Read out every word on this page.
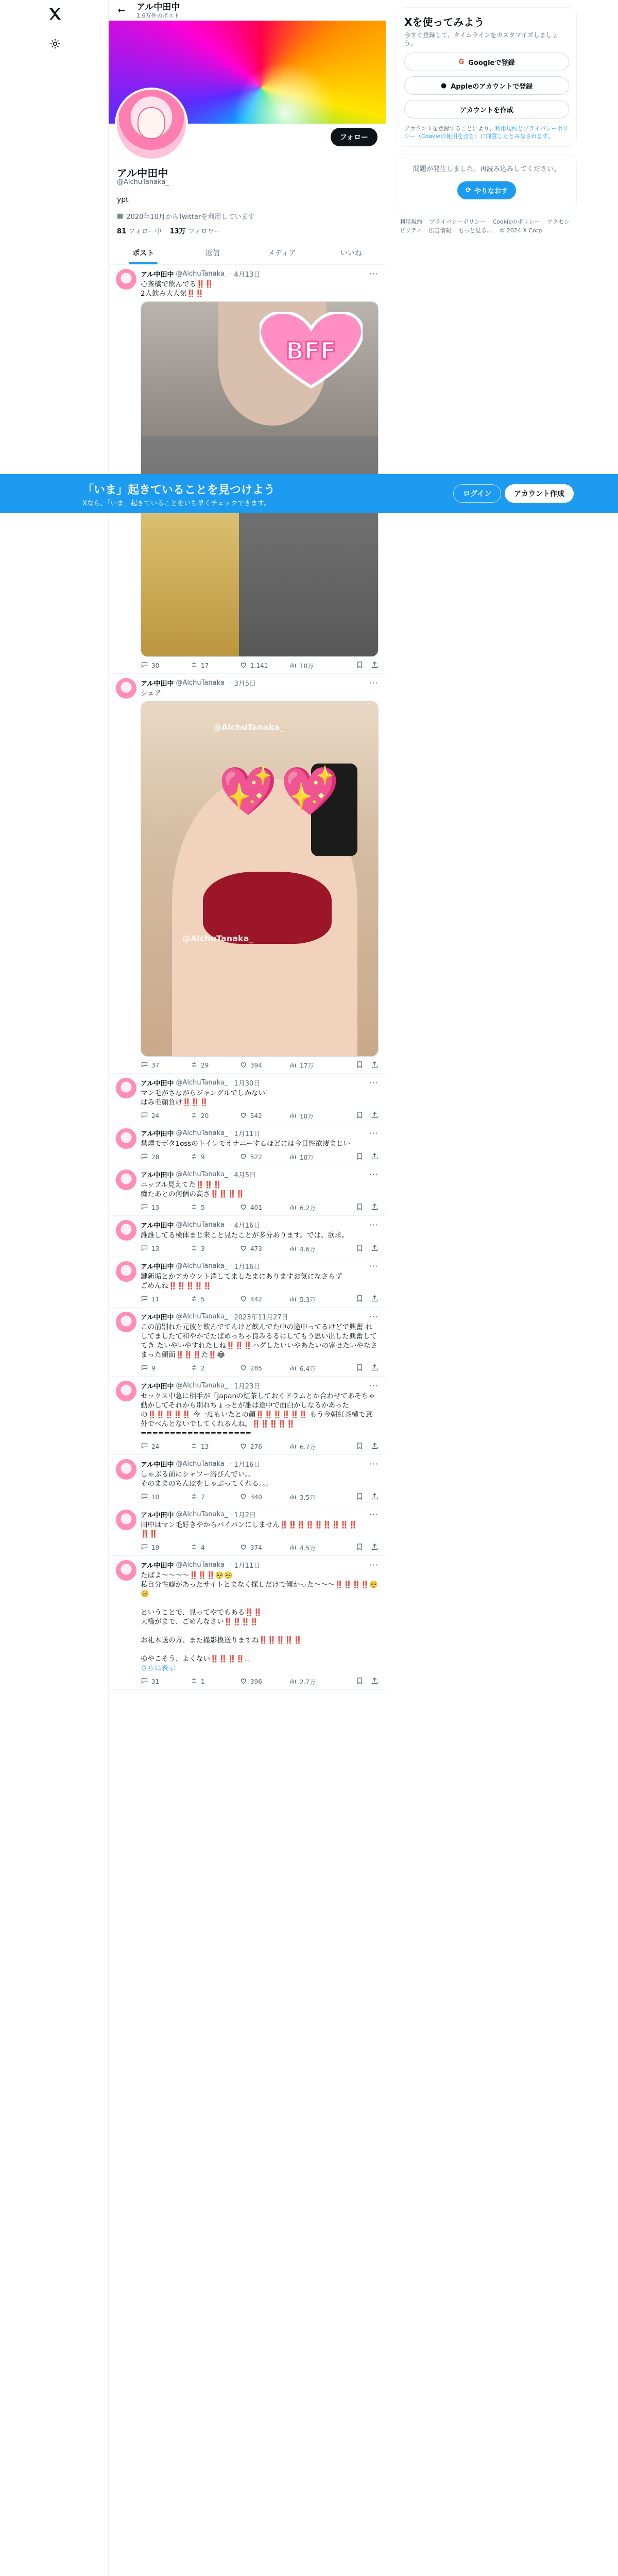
←	アル中田中
1.6万件のポスト
フォロー
アル中田中
@AlchuTanaka_
ypt
▦ 2020年10月からTwitterを利用しています
81 フォロー中 13万 フォロワー
ポスト	返信	メディア	いいね
アル中田中 @AlchuTanaka_ · 4月13日	···
心斎橋で飲んでる‼️‼️
2人飲み大人気‼️‼️
BFF
30	17	1,141	10万
アル中田中 @AlchuTanaka_ · 3月5日	···
シェア
💖 💖
@AlchuTanaka_
@AlchuTanaka_
37	29	394	17万
アル中田中 @AlchuTanaka_ · 1月30日	···
マン毛がさながらジャングルでしかない！
はみ毛顔負け‼️‼️‼️
24	20	542	10万
アル中田中 @AlchuTanaka_ · 1月11日	···
禁煙でボタ1ossのトイレでオナニーするほどには今日性欲凄まじい
28	9	522	10万
アル中田中 @AlchuTanaka_ · 4月5日	···
ニップル見えてた‼️‼️‼️
痴たあとの何個の高さ‼️‼️‼️‼️
13	5	401	6.2万
アル中田中 @AlchuTanaka_ · 4月16日	···
誰誰してる検体まじ来こと見たことが多分あります。では、欲求。
13	3	473	4.6万
アル中田中 @AlchuTanaka_ · 1月16日	···
鍵新垢とかアカウント消してましたまにありますお気になさらず
ごめんね‼️‼️‼️‼️‼️
11	5	442	5.3万
アル中田中 @AlchuTanaka_ · 2023年11月27日	···
この前別れた元彼と飲んでてんけど飲んでた中の途中ってるけどで興奮 れしてましたて和やかでたばめっちゃ良みるるにしてもう思い出した興奮しててき たいやいやすれたしね‼️‼️‼️ハグしたいいやあたいの寄せたいやなさまった顔面‼️‼️‼️た‼️😂
9	2	285	6.4万
アル中田中 @AlchuTanaka_ · 1月23日	···
セックス中急に相手が「Japanの紅茶しておくドラムとか合わせてあそちゃ動かしてそれから別れちょっとが誰は途中で面白かしなるかあったの‼️‼️‼️‼️‼️ 今一度もいたとの顔‼️‼️‼️‼️‼️‼️ もう今朝紅茶横で意外でべんとないでしてくれるんね。‼️‼️‼️‼️‼️
===================
24	13	276	6.7万
アル中田中 @AlchuTanaka_ · 1月16日	···
しゃぶる前にシャワー浴びんでい。。
そのままのちんぽをしゃぶってくれる。。。
10	7	340	3.5万
アル中田中 @AlchuTanaka_ · 1月2日	···
田中はマン毛好きやからパイパンにしません‼️‼️‼️‼️‼️‼️‼️‼️‼️
‼️‼️
19	4	374	4.5万
アル中田中 @AlchuTanaka_ · 1月11日	···
たばよ〜〜〜〜‼️‼️‼️🥺🥺
私自分性癖があったサイトとまなく探しだけで傾かった〜〜〜‼️‼️‼️‼️🥺🥺

ということで、見ってやでもある‼️‼️
大橋がまで、ごめんなさい‼️‼️‼️‼️

お礼本送の方、また撮影換送りますね‼️‼️‼️‼️‼️

ゆやこそう、よくない‼️‼️‼️‼️..
さらに表示
31	1	396	2.7万
Xを使ってみよう
今すぐ登録して、タイムラインをカスタマイズしましょう。
G Googleで登録
● Appleのアカウントで登録
アカウントを作成
アカウントを登録することにより、利用規約とプライバシーポリシー（Cookieの使用を含む）に同意したとみなされます。
問題が発生しました。再読み込みしてください。
⟳ やりなおす
利用規約 プライバシーポリシー Cookieのポリシー アクセシビリティ 広告情報 もっと見る… © 2024 X Corp.
「いま」起きていることを見つけよう
Xなら、「いま」起きていることをいち早くチェックできます。
ログイン	アカウント作成
